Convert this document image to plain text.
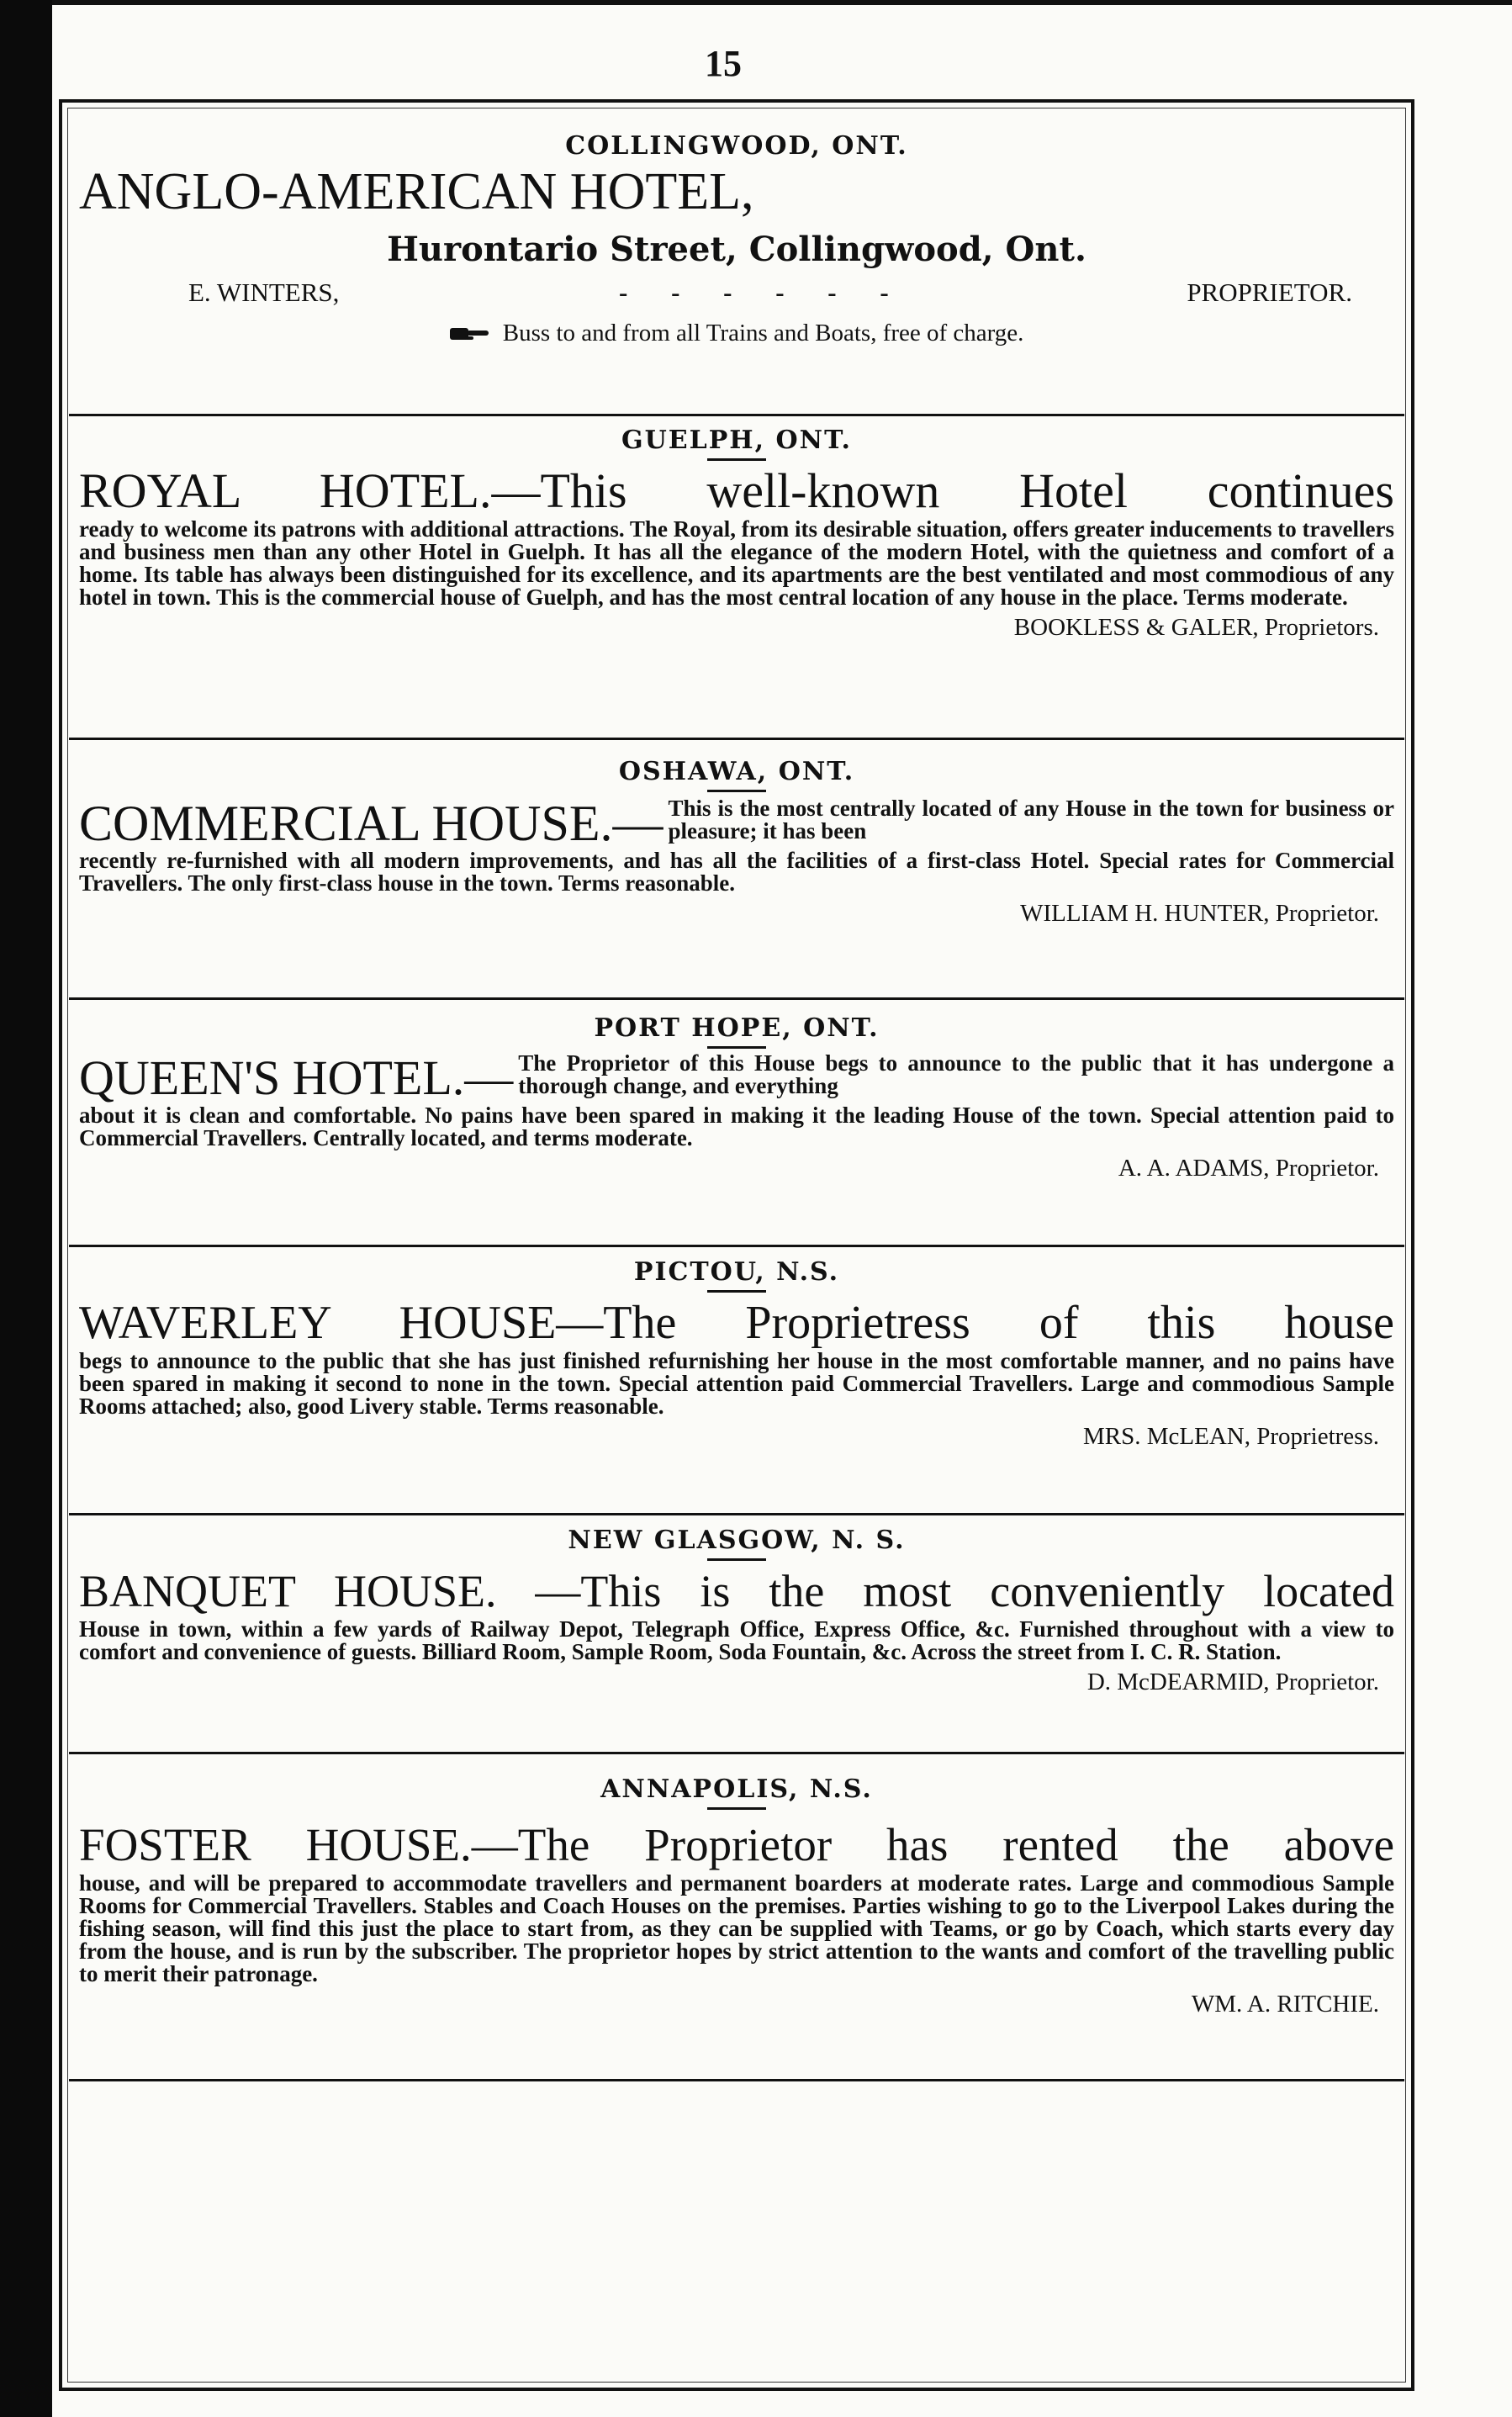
15
COLLINGWOOD, ONT.
ANGLO-AMERICAN HOTEL,
Hurontario Street, Collingwood, Ont.
E. WINTERS,	- - - - - -	PROPRIETOR.
Buss to and from all Trains and Boats, free of charge.
GUELPH, ONT.
ROYAL HOTEL.—This well-known Hotel continues
ready to welcome its patrons with additional attractions. The Royal, from its desirable situation, offers greater inducements to travellers and business men than any other Hotel in Guelph. It has all the elegance of the modern Hotel, with the quietness and comfort of a home. Its table has always been distinguished for its excellence, and its apartments are the best ventilated and most commodious of any hotel in town. This is the commercial house of Guelph, and has the most central location of any house in the place. Terms moderate.
BOOKLESS & GALER, Proprietors.
OSHAWA, ONT.
COMMERCIAL HOUSE.— This is the most centrally located of any House in the town for business or pleasure; it has been
recently re-furnished with all modern improvements, and has all the facilities of a first-class Hotel. Special rates for Commercial Travellers. The only first-class house in the town. Terms reasonable.
WILLIAM H. HUNTER, Proprietor.
PORT HOPE, ONT.
QUEEN'S HOTEL.— The Proprietor of this House begs to announce to the public that it has undergone a thorough change, and everything
about it is clean and comfortable. No pains have been spared in making it the leading House of the town. Special attention paid to Commercial Travellers. Centrally located, and terms moderate.
A. A. ADAMS, Proprietor.
PICTOU, N.S.
WAVERLEY HOUSE—The Proprietress of this house
begs to announce to the public that she has just finished refurnishing her house in the most comfortable manner, and no pains have been spared in making it second to none in the town. Special attention paid Commercial Travellers. Large and commodious Sample Rooms attached; also, good Livery stable. Terms reasonable.
MRS. McLEAN, Proprietress.
NEW GLASGOW, N. S.
BANQUET HOUSE. —This is the most conveniently located
House in town, within a few yards of Railway Depot, Telegraph Office, Express Office, &c. Furnished throughout with a view to comfort and convenience of guests. Billiard Room, Sample Room, Soda Fountain, &c. Across the street from I. C. R. Station.
D. McDEARMID, Proprietor.
ANNAPOLIS, N.S.
FOSTER HOUSE.—The Proprietor has rented the above
house, and will be prepared to accommodate travellers and permanent boarders at moderate rates. Large and commodious Sample Rooms for Commercial Travellers. Stables and Coach Houses on the premises. Parties wishing to go to the Liverpool Lakes during the fishing season, will find this just the place to start from, as they can be supplied with Teams, or go by Coach, which starts every day from the house, and is run by the subscriber. The proprietor hopes by strict attention to the wants and comfort of the travelling public to merit their patronage.
WM. A. RITCHIE.
